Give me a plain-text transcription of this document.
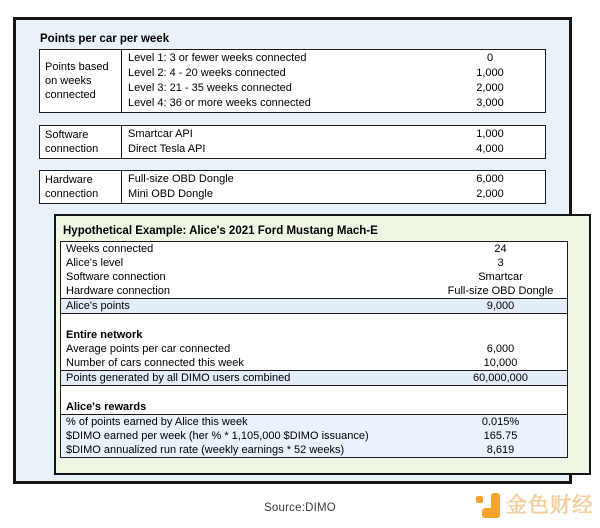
Points per car per week
Points based on weeks connected
Level 1: 3 or fewer weeks connected	0
Level 2: 4 - 20 weeks connected	1,000
Level 3: 21 - 35 weeks connected	2,000
Level 4: 36 or more weeks connected	3,000
Software connection
Smartcar API	1,000
Direct Tesla API	4,000
Hardware connection
Full-size OBD Dongle	6,000
Mini OBD Dongle	2,000
Hypothetical Example: Alice's 2021 Ford Mustang Mach-E
Weeks connected	24
Alice's level	3
Software connection	Smartcar
Hardware connection	Full-size OBD Dongle
Alice's points	9,000
Entire network
Average points per car connected	6,000
Number of cars connected this week	10,000
Points generated by all DIMO users combined	60,000,000
Alice's rewards
% of points earned by Alice this week	0.015%
$DIMO earned per week (her % * 1,105,000 $DIMO issuance)	165.75
$DIMO annualized run rate (weekly earnings * 52 weeks)	8,619
Source:DIMO	金色财经
